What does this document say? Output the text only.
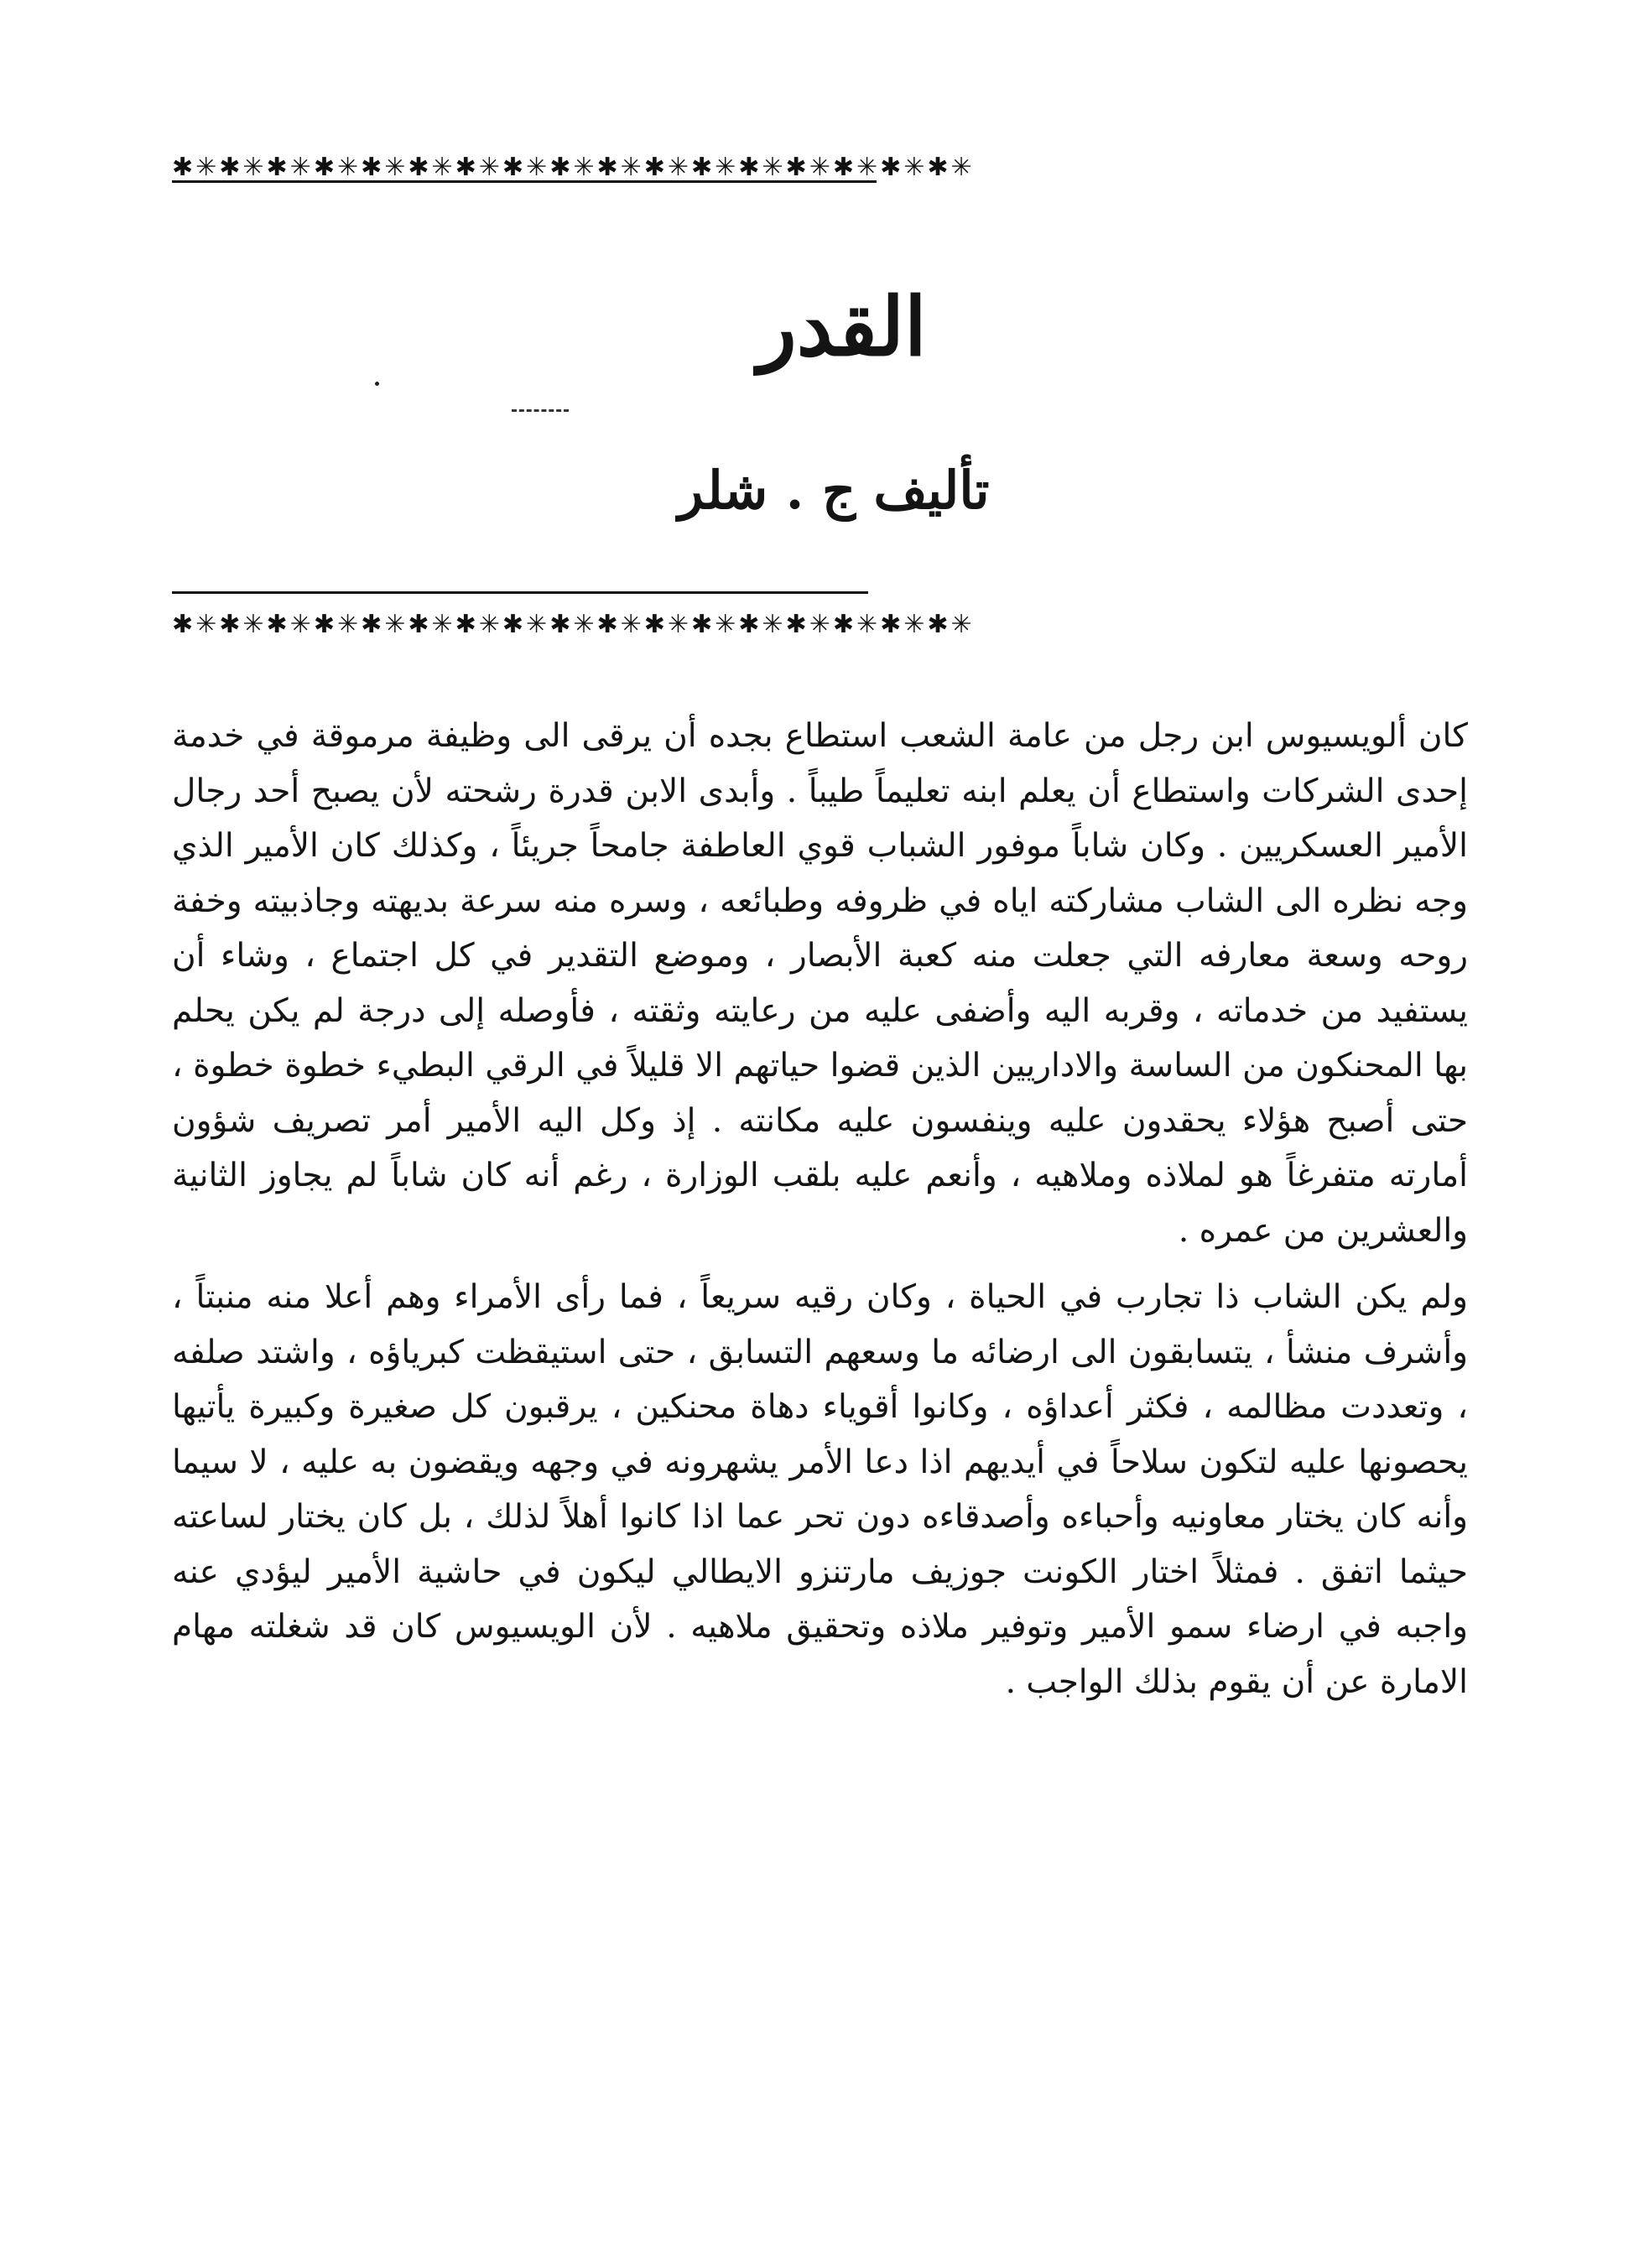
✱✳✱✳✱✳✱✳✱✳✱✳✱✳✱✳✱✳✱✳✱✳✱✳✱✳✱✳✱✳✱✳✱✳
القدر
تأليف ج . شلر
✱✳✱✳✱✳✱✳✱✳✱✳✱✳✱✳✱✳✱✳✱✳✱✳✱✳✱✳✱✳✱✳✱✳

كان ألويسيوس ابن رجل من عامة الشعب استطاع بجده أن يرقى الى وظيفة مرموقة في خدمة إحدى الشركات واستطاع أن يعلم ابنه تعليماً طيباً . وأبدى الابن قدرة رشحته لأن يصبح أحد رجال الأمير العسكريين . وكان شاباً موفور الشباب قوي العاطفة جامحاً جريئاً ، وكذلك كان الأمير الذي وجه نظره الى الشاب مشاركته اياه في ظروفه وطبائعه ، وسره منه سرعة بديهته وجاذبيته وخفة روحه وسعة معارفه التي جعلت منه كعبة الأبصار ، وموضع التقدير في كل اجتماع ، وشاء أن يستفيد من خدماته ، وقربه اليه وأضفى عليه من رعايته وثقته ، فأوصله إلى درجة لم يكن يحلم بها المحنكون من الساسة والاداريين الذين قضوا حياتهم الا قليلاً في الرقي البطيء خطوة خطوة ، حتى أصبح هؤلاء يحقدون عليه وينفسون عليه مكانته . إذ وكل اليه الأمير أمر تصريف شؤون أمارته متفرغاً هو لملاذه وملاهيه ، وأنعم عليه بلقب الوزارة ، رغم أنه كان شاباً لم يجاوز الثانية والعشرين من عمره .

ولم يكن الشاب ذا تجارب في الحياة ، وكان رقيه سريعاً ، فما رأى الأمراء وهم أعلا منه منبتاً ، وأشرف منشأ ، يتسابقون الى ارضائه ما وسعهم التسابق ، حتى استيقظت كبرياؤه ، واشتد صلفه ، وتعددت مظالمه ، فكثر أعداؤه ، وكانوا أقوياء دهاة محنكين ، يرقبون كل صغيرة وكبيرة يأتيها يحصونها عليه لتكون سلاحاً في أيديهم اذا دعا الأمر يشهرونه في وجهه ويقضون به عليه ، لا سيما وأنه كان يختار معاونيه وأحباءه وأصدقاءه دون تحر عما اذا كانوا أهلاً لذلك ، بل كان يختار لساعته حيثما اتفق . فمثلاً اختار الكونت جوزيف مارتنزو الايطالي ليكون في حاشية الأمير ليؤدي عنه واجبه في ارضاء سمو الأمير وتوفير ملاذه وتحقيق ملاهيه . لأن الويسيوس كان قد شغلته مهام الامارة عن أن يقوم بذلك الواجب .
